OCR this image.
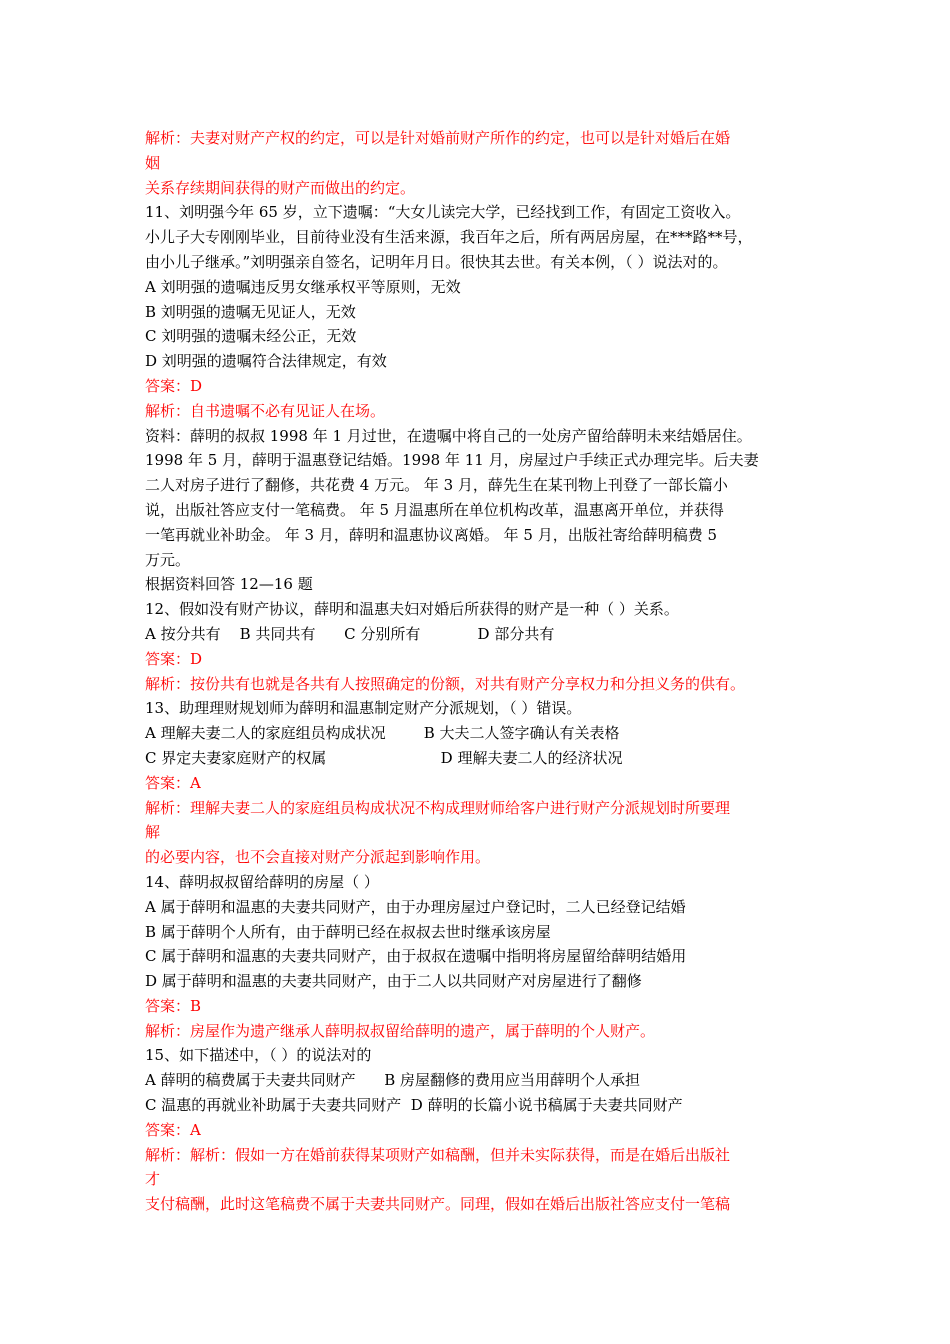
解析：夫妻对财产产权的约定，可以是针对婚前财产所作的约定，也可以是针对婚后在婚
姻
关系存续期间获得的财产而做出的约定。
11、刘明强今年 65 岁，立下遗嘱：“大女儿读完大学，已经找到工作，有固定工资收入。
小儿子大专刚刚毕业，目前待业没有生活来源，我百年之后，所有两居房屋，在***路**号，
由小儿子继承。”刘明强亲自签名，记明年月日。很快其去世。有关本例，（ ）说法对的。
A 刘明强的遗嘱违反男女继承权平等原则，无效
B 刘明强的遗嘱无见证人，无效
C 刘明强的遗嘱未经公正，无效
D 刘明强的遗嘱符合法律规定，有效
答案：D
解析：自书遗嘱不必有见证人在场。
资料：薛明的叔叔 1998 年 1 月过世，在遗嘱中将自己的一处房产留给薛明未来结婚居住。
1998 年 5 月，薛明于温惠登记结婚。1998 年 11 月，房屋过户手续正式办理完毕。后夫妻
二人对房子进行了翻修，共花费 4 万元。 年 3 月，薛先生在某刊物上刊登了一部长篇小
说，出版社答应支付一笔稿费。 年 5 月温惠所在单位机构改革，温惠离开单位，并获得
一笔再就业补助金。 年 3 月，薛明和温惠协议离婚。 年 5 月，出版社寄给薛明稿费 5
万元。
根据资料回答 12—16 题
12、假如没有财产协议，薛明和温惠夫妇对婚后所获得的财产是一种（ ）关系。
A 按分共有    B 共同共有      C 分别所有            D 部分共有
答案：D
解析：按份共有也就是各共有人按照确定的份额，对共有财产分享权力和分担义务的供有。
13、助理理财规划师为薛明和温惠制定财产分派规划，（ ）错误。
A 理解夫妻二人的家庭组员构成状况        B 大夫二人签字确认有关表格
C 界定夫妻家庭财产的权属                        D 理解夫妻二人的经济状况
答案：A
解析：理解夫妻二人的家庭组员构成状况不构成理财师给客户进行财产分派规划时所要理
解
的必要内容，也不会直接对财产分派起到影响作用。
14、薛明叔叔留给薛明的房屋（ ）
A 属于薛明和温惠的夫妻共同财产，由于办理房屋过户登记时，二人已经登记结婚
B 属于薛明个人所有，由于薛明已经在叔叔去世时继承该房屋
C 属于薛明和温惠的夫妻共同财产，由于叔叔在遗嘱中指明将房屋留给薛明结婚用
D 属于薛明和温惠的夫妻共同财产，由于二人以共同财产对房屋进行了翻修
答案：B
解析：房屋作为遗产继承人薛明叔叔留给薛明的遗产，属于薛明的个人财产。
15、如下描述中，（ ）的说法对的
A 薛明的稿费属于夫妻共同财产      B 房屋翻修的费用应当用薛明个人承担
C 温惠的再就业补助属于夫妻共同财产  D 薛明的长篇小说书稿属于夫妻共同财产
答案：A
解析：解析：假如一方在婚前获得某项财产如稿酬，但并未实际获得，而是在婚后出版社
才
支付稿酬，此时这笔稿费不属于夫妻共同财产。同理，假如在婚后出版社答应支付一笔稿
